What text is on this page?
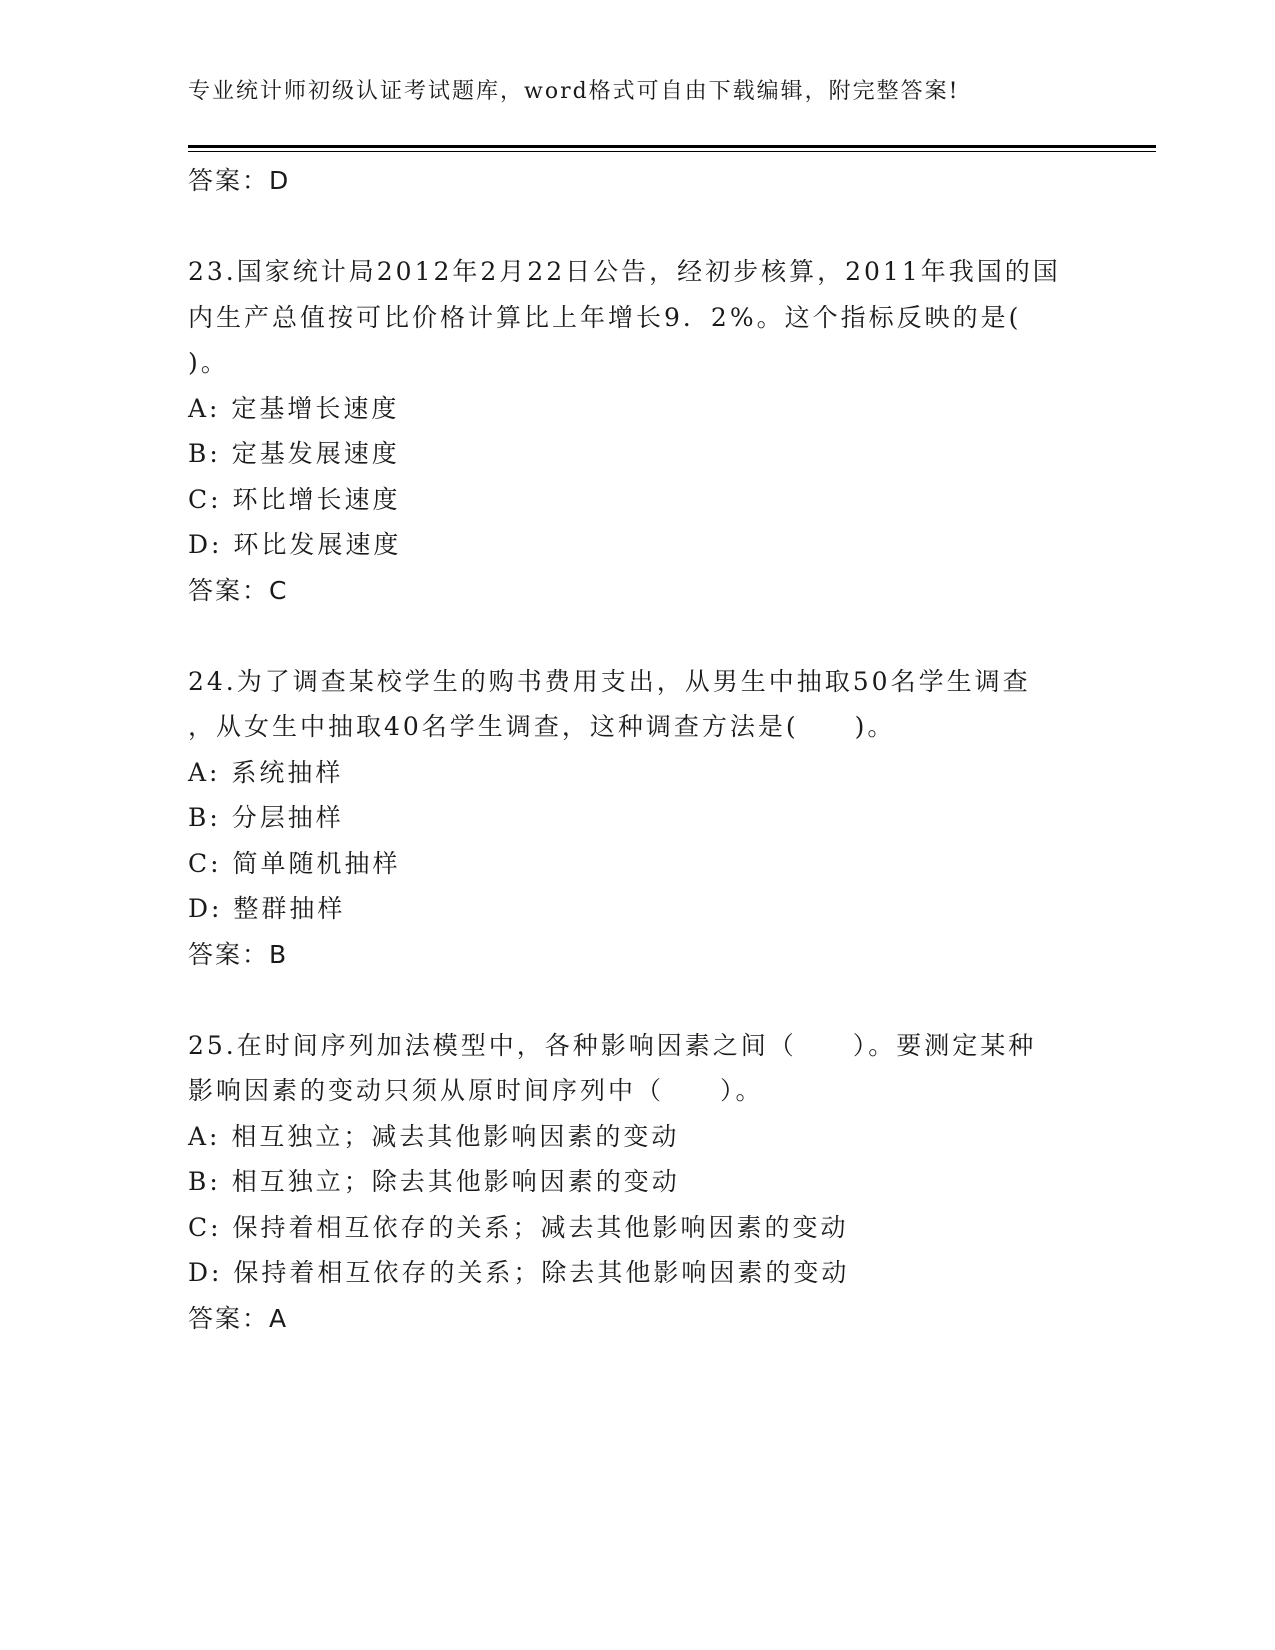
专业统计师初级认证考试题库，word格式可自由下载编辑，附完整答案!
答案：D
23.国家统计局2012年2月22日公告，经初步核算，2011年我国的国
内生产总值按可比价格计算比上年增长9．2%。这个指标反映的是(
)。
A: 定基增长速度
B: 定基发展速度
C: 环比增长速度
D: 环比发展速度
答案：C
24.为了调查某校学生的购书费用支出，从男生中抽取50名学生调查
，从女生中抽取40名学生调查，这种调查方法是(　　)。
A: 系统抽样
B: 分层抽样
C: 简单随机抽样
D: 整群抽样
答案：B
25.在时间序列加法模型中，各种影响因素之间（　　）。要测定某种
影响因素的变动只须从原时间序列中（　　）。
A: 相互独立；减去其他影响因素的变动
B: 相互独立；除去其他影响因素的变动
C: 保持着相互依存的关系；减去其他影响因素的变动
D: 保持着相互依存的关系；除去其他影响因素的变动
答案：A
